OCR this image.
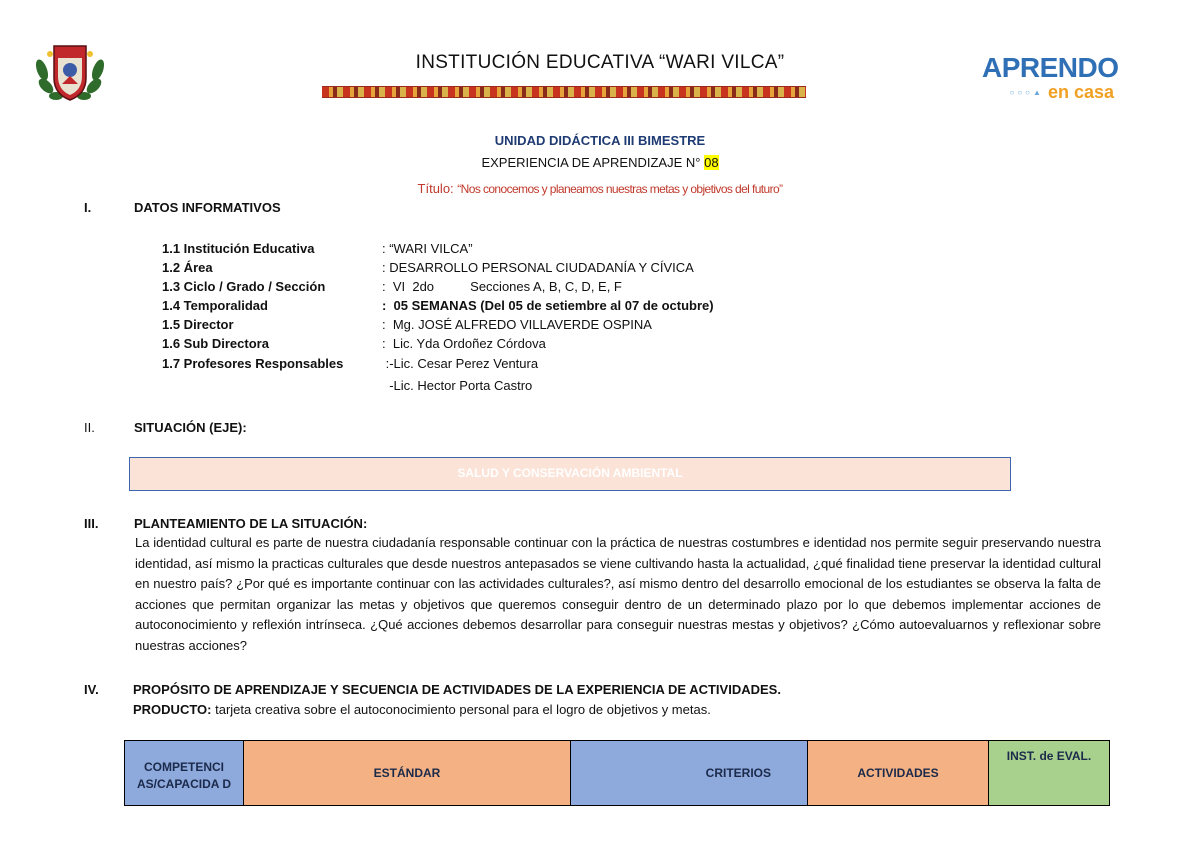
INSTITUCIÓN EDUCATIVA “WARI VILCA”	APRENDO
○○○▲ en casa
UNIDAD DIDÁCTICA III BIMESTRE
EXPERIENCIA DE APRENDIZAJE N° 08
Título: “Nos conocemos y planeamos nuestras metas y objetivos del futuro”
I.	DATOS INFORMATIVOS
1.1 Institución Educativa	: “WARI VILCA”
1.2 Área	: DESARROLLO PERSONAL CIUDADANÍA Y CÍVICA
1.3 Ciclo / Grado / Sección	:  VI  2do          Secciones A, B, C, D, E, F
1.4 Temporalidad	:  05 SEMANAS (Del 05 de setiembre al 07 de octubre)
1.5 Director	:  Mg. JOSÉ ALFREDO VILLAVERDE OSPINA
1.6 Sub Directora	:  Lic. Yda Ordoñez Córdova
1.7 Profesores Responsables	:-Lic. Cesar Perez Ventura
-Lic. Hector Porta Castro
II.	SITUACIÓN (EJE):
SALUD Y CONSERVACIÓN AMBIENTAL
III.	PLANTEAMIENTO DE LA SITUACIÓN:
La identidad cultural es parte de nuestra ciudadanía responsable continuar con la práctica de nuestras costumbres e identidad nos permite seguir preservando nuestra identidad, así mismo la practicas culturales que desde nuestros antepasados se viene cultivando hasta la actualidad, ¿qué finalidad tiene preservar la identidad cultural en nuestro país? ¿Por qué es importante continuar con las actividades culturales?, así mismo dentro del desarrollo emocional de los estudiantes se observa la falta de acciones que permitan organizar las metas y objetivos que queremos conseguir dentro de un determinado plazo por lo que debemos implementar acciones de autoconocimiento y reflexión intrínseca. ¿Qué acciones debemos desarrollar para conseguir nuestras mestas y objetivos? ¿Cómo autoevaluarnos y reflexionar sobre nuestras acciones?
IV.	PROPÓSITO DE APRENDIZAJE Y SECUENCIA DE ACTIVIDADES DE LA EXPERIENCIA DE ACTIVIDADES.
PRODUCTO: tarjeta creativa sobre el autoconocimiento personal para el logro de objetivos y metas.
COMPETENCI AS/CAPACIDA D	ESTÁNDAR	CRITERIOS	ACTIVIDADES	INST. de EVAL.
